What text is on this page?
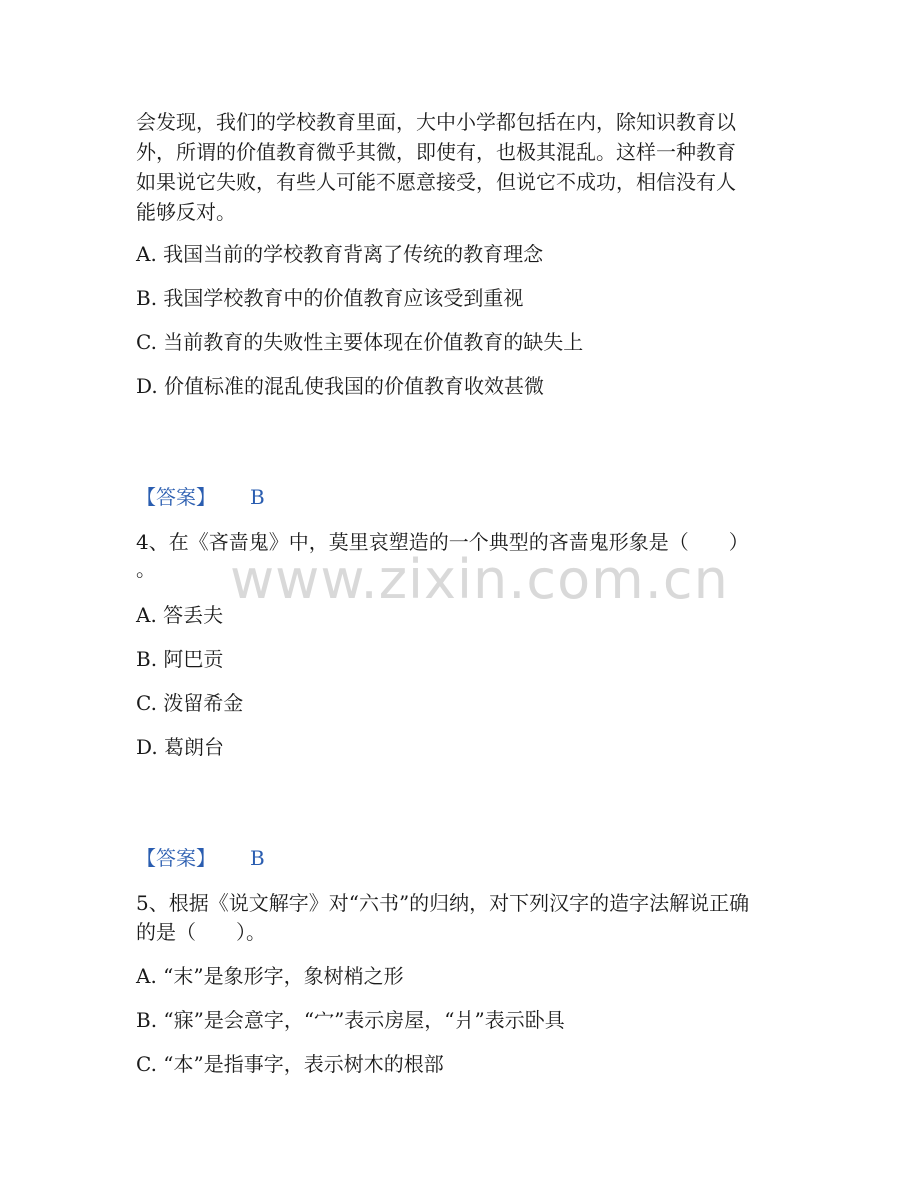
www.zixin.com.cn
会发现，我们的学校教育里面，大中小学都包括在内，除知识教育以
外，所谓的价值教育微乎其微，即使有，也极其混乱。这样一种教育
如果说它失败，有些人可能不愿意接受，但说它不成功，相信没有人
能够反对。
A. 我国当前的学校教育背离了传统的教育理念
B. 我国学校教育中的价值教育应该受到重视
C. 当前教育的失败性主要体现在价值教育的缺失上
D. 价值标准的混乱使我国的价值教育收效甚微
【答案】 B
4、在《吝啬鬼》中，莫里哀塑造的一个典型的吝啬鬼形象是（　　）
。
A. 答丢夫
B. 阿巴贡
C. 泼留希金
D. 葛朗台
【答案】 B
5、根据《说文解字》对“六书”的归纳，对下列汉字的造字法解说正确
的是（　　）。
A. “末”是象形字，象树梢之形
B. “寐”是会意字，“宀”表示房屋，“爿”表示卧具
C. “本”是指事字，表示树木的根部
